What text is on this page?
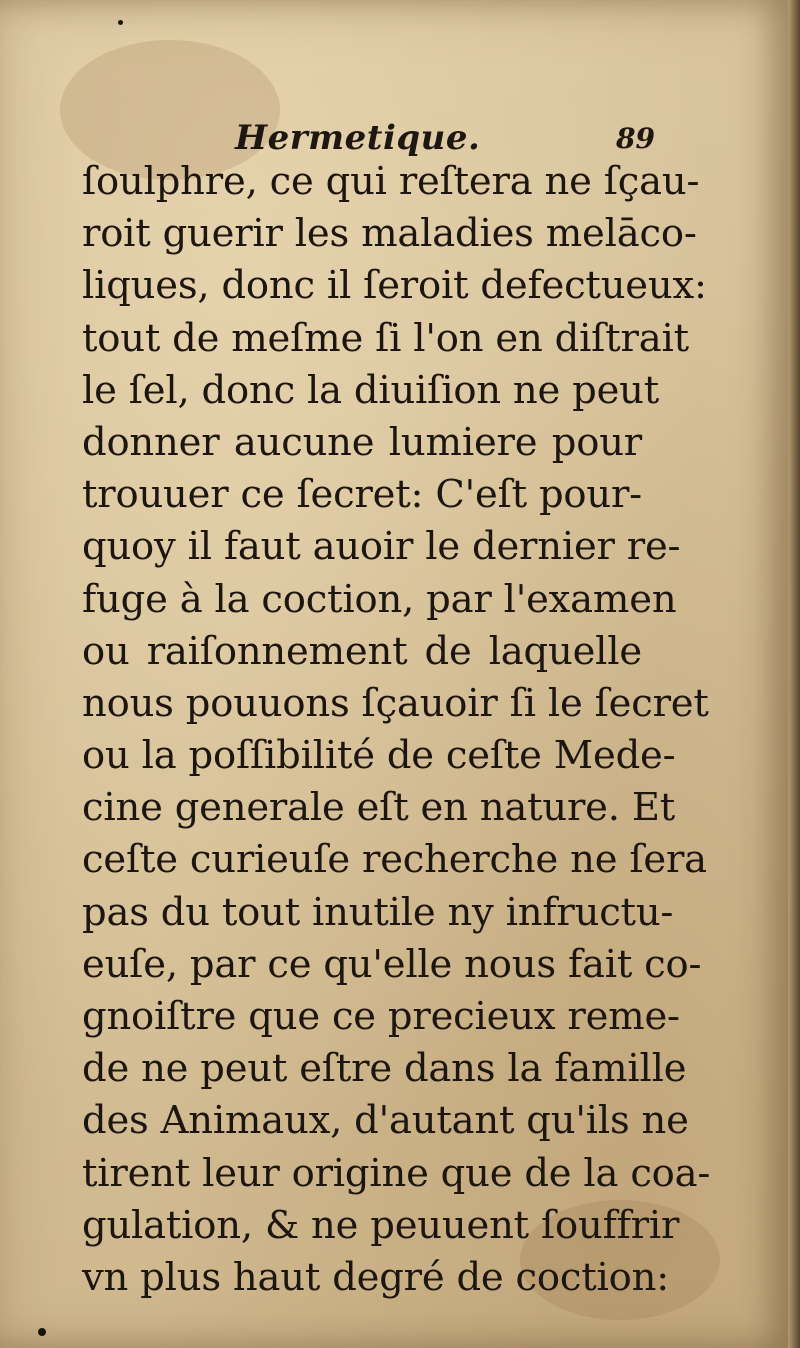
Hermetique.	89
ſoulphre, ce qui reſtera ne ſçau-
roit guerir les maladies melāco-
liques, donc il ſeroit defectueux:
tout de meſme ſi l'on en diſtrait
le ſel, donc la diuiſion ne peut
donner aucune lumiere pour
trouuer ce ſecret: C'eſt pour-
quoy il faut auoir le dernier re-
fuge à la coction, par l'examen
ou raiſonnement de laquelle
nous pouuons ſçauoir ſi le ſecret
ou la poſſibilité de ceſte Mede-
cine generale eſt en nature. Et
ceſte curieuſe recherche ne ſera
pas du tout inutile ny infructu-
euſe, par ce qu'elle nous fait co-
gnoiſtre que ce precieux reme-
de ne peut eſtre dans la famille
des Animaux, d'autant qu'ils ne
tirent leur origine que de la coa-
gulation, & ne peuuent ſouffrir
vn plus haut degré de coction:
